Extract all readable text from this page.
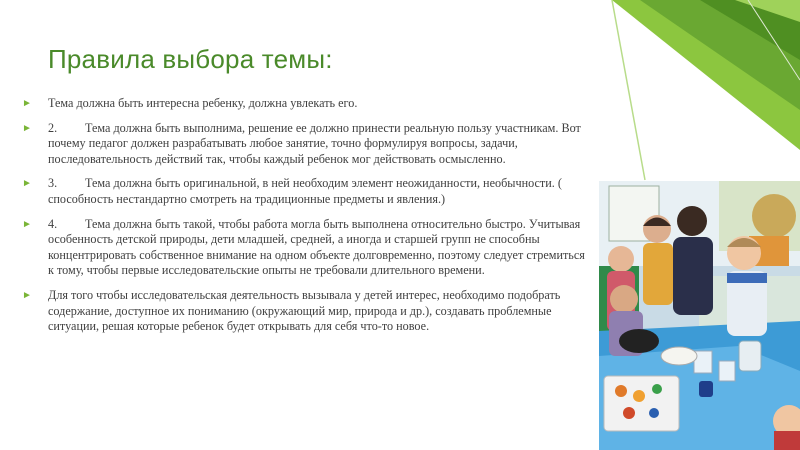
Правила выбора темы:
► Тема должна быть интересна ребенку, должна увлекать его.
► 2. Тема должна быть выполнима, решение ее должно принести реальную пользу участникам. Вот почему педагог должен разрабатывать любое занятие, точно формулируя вопросы, задачи, последовательность действий так, чтобы каждый ребенок мог действовать осмысленно.
► 3. Тема должна быть оригинальной, в ней необходим элемент неожиданности, необычности. ( способность нестандартно смотреть на традиционные предметы и явления.)
► 4. Тема должна быть такой, чтобы работа могла быть выполнена относительно быстро. Учитывая особенность детской природы, дети младшей, средней, а иногда и старшей групп не способны концентрировать собственное внимание на одном объекте долговременно, поэтому следует стремиться к тому, чтобы первые исследовательские опыты не требовали длительного времени.
► Для того чтобы исследовательская деятельность вызывала у детей интерес, необходимо подобрать содержание, доступное их пониманию (окружающий мир, природа и др.), создавать проблемные ситуации, решая которые ребенок будет открывать для себя что-то новое.
